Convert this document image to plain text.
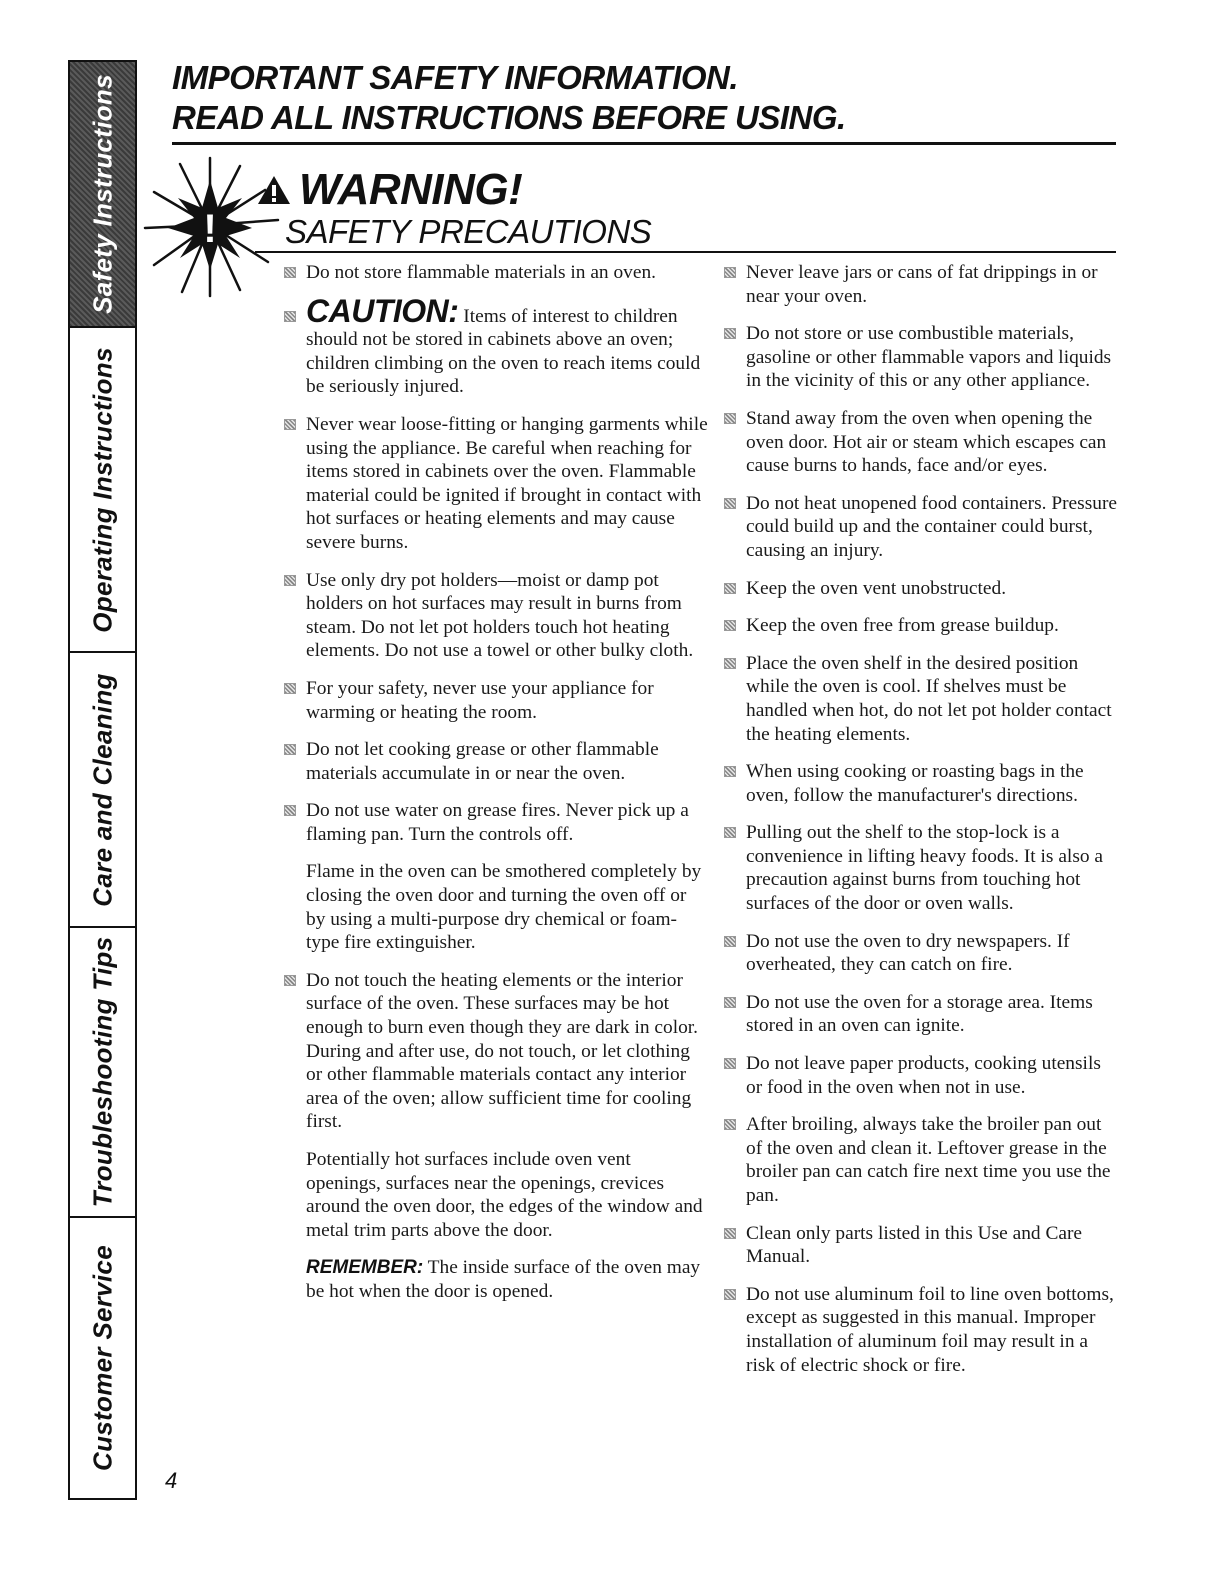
Safety Instructions
Operating Instructions
Care and Cleaning
Troubleshooting Tips
Customer Service
IMPORTANT SAFETY INFORMATION.
READ ALL INSTRUCTIONS BEFORE USING.
!
WARNING!
SAFETY PRECAUTIONS
Do not store flammable materials in an oven.
CAUTION: Items of interest to children should not be stored in cabinets above an oven; children climbing on the oven to reach items could be seriously injured.
Never wear loose-fitting or hanging garments while using the appliance. Be careful when reaching for items stored in cabinets over the oven. Flammable material could be ignited if brought in contact with hot surfaces or heating elements and may cause severe burns.
Use only dry pot holders—moist or damp pot holders on hot surfaces may result in burns from steam. Do not let pot holders touch hot heating elements. Do not use a towel or other bulky cloth.
For your safety, never use your appliance for warming or heating the room.
Do not let cooking grease or other flammable materials accumulate in or near the oven.
Do not use water on grease fires. Never pick up a flaming pan. Turn the controls off.
Flame in the oven can be smothered completely by closing the oven door and turning the oven off or by using a multi-purpose dry chemical or foam-type fire extinguisher.
Do not touch the heating elements or the interior surface of the oven. These surfaces may be hot enough to burn even though they are dark in color. During and after use, do not touch, or let clothing or other flammable materials contact any interior area of the oven; allow sufficient time for cooling first.
Potentially hot surfaces include oven vent openings, surfaces near the openings, crevices around the oven door, the edges of the window and metal trim parts above the door.
REMEMBER: The inside surface of the oven may be hot when the door is opened.
Never leave jars or cans of fat drippings in or near your oven.
Do not store or use combustible materials, gasoline or other flammable vapors and liquids in the vicinity of this or any other appliance.
Stand away from the oven when opening the oven door. Hot air or steam which escapes can cause burns to hands, face and/or eyes.
Do not heat unopened food containers. Pressure could build up and the container could burst, causing an injury.
Keep the oven vent unobstructed.
Keep the oven free from grease buildup.
Place the oven shelf in the desired position while the oven is cool. If shelves must be handled when hot, do not let pot holder contact the heating elements.
When using cooking or roasting bags in the oven, follow the manufacturer's directions.
Pulling out the shelf to the stop-lock is a convenience in lifting heavy foods. It is also a precaution against burns from touching hot surfaces of the door or oven walls.
Do not use the oven to dry newspapers. If overheated, they can catch on fire.
Do not use the oven for a storage area. Items stored in an oven can ignite.
Do not leave paper products, cooking utensils or food in the oven when not in use.
After broiling, always take the broiler pan out of the oven and clean it. Leftover grease in the broiler pan can catch fire next time you use the pan.
Clean only parts listed in this Use and Care Manual.
Do not use aluminum foil to line oven bottoms, except as suggested in this manual. Improper installation of aluminum foil may result in a risk of electric shock or fire.
4
